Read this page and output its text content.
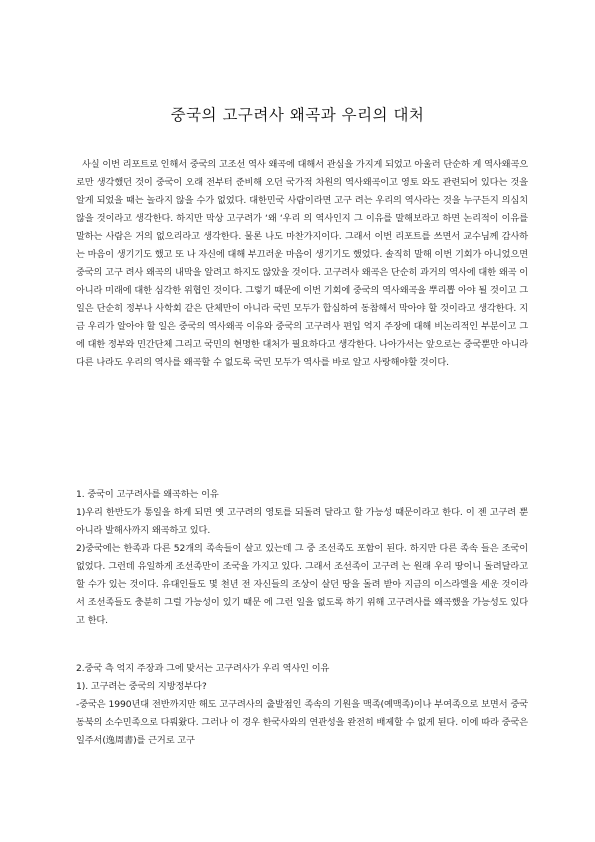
중국의 고구려사 왜곡과 우리의 대처

사실 이번 리포트로 인해서 중국의 고조선 역사 왜곡에 대해서 관심을 가지게 되었고 아울러 단순하 게 역사왜곡으로만 생각했던 것이 중국이 오래 전부터 준비해 오던 국가적 차원의 역사왜곡이고 영토 와도 관련되어 있다는 것을 알게 되었을 때는 놀라지 않을 수가 없었다. 대한민국 사람이라면 고구 려는 우리의 역사라는 것을 누구든지 의심치 않을 것이라고 생각한다. 하지만 막상 고구려가 ‘왜 ‘우리 의 역사인지 그 이유를 말해보라고 하면 논리적이 이유를 말하는 사람은 거의 없으리라고 생각한다. 물론 나도 마찬가지이다. 그래서 이번 리포트를 쓰면서 교수님께 감사하는 마음이 생기기도 했고 또 나 자신에 대해 부끄러운 마음이 생기기도 했었다. 솔직히 말해 이번 기회가 아니었으면 중국의 고구 려사 왜곡의 내막을 알려고 하지도 않았을 것이다. 고구려사 왜곡은 단순히 과거의 역사에 대한 왜곡 이 아니라 미래에 대한 심각한 위협인 것이다. 그렇기 때문에 이번 기회에 중국의 역사왜곡을 뿌리뽑 아야 될 것이고 그 일은 단순히 정부나 사학회 같은 단체만이 아니라 국민 모두가 합심하여 동참해서 막아야 할 것이라고 생각한다. 지금 우리가 알아야 할 일은 중국의 역사왜곡 이유와 중국의 고구려사 편입 억지 주장에 대해 비논리적인 부분이고 그에 대한 정부와 민간단체 그리고 국민의 현명한 대처가 필요하다고 생각한다. 나아가서는 앞으로는 중국뿐만 아니라 다른 나라도 우리의 역사를 왜곡할 수 없도록 국민 모두가 역사를 바로 알고 사랑해야할 것이다.

1. 중국이 고구려사를 왜곡하는 이유

1)우리 한반도가 통일을 하게 되면 옛 고구려의 영토를 되돌려 달라고 할 가능성 때문이라고 한다. 이 젠 고구려 뿐 아니라 발해사까지 왜곡하고 있다.

2)중국에는 한족과 다른 52개의 족속들이 살고 있는데 그 중 조선족도 포함이 된다. 하지만 다른 족속 들은 조국이 없었다. 그런데 유일하게 조선족만이 조국을 가지고 있다. 그래서 조선족이 고구려 는 원래 우리 땅이니 돌려달라고 할 수가 있는 것이다. 유대인들도 몇 천년 전 자신들의 조상이 살던 땅을 돌려 받아 지금의 이스라엘을 세운 것이라서 조선족들도 충분히 그럴 가능성이 있기 때문 에 그런 일을 없도록 하기 위해 고구려사를 왜곡했을 가능성도 있다고 한다.

2.중국 측 억지 주장과 그에 맞서는 고구려사가 우리 역사인 이유

1). 고구려는 중국의 지방정부다?

-중국은 1990년대 전반까지만 해도 고구려사의 출발점인 족속의 기원을 맥족(예맥족)이나 부여족으로 보면서 중국 동북의 소수민족으로 다뤄왔다. 그러나 이 경우 한국사와의 연관성을 완전히 배제할 수 없게 된다. 이에 따라 중국은 일주서(逸周書)를 근거로 고구
